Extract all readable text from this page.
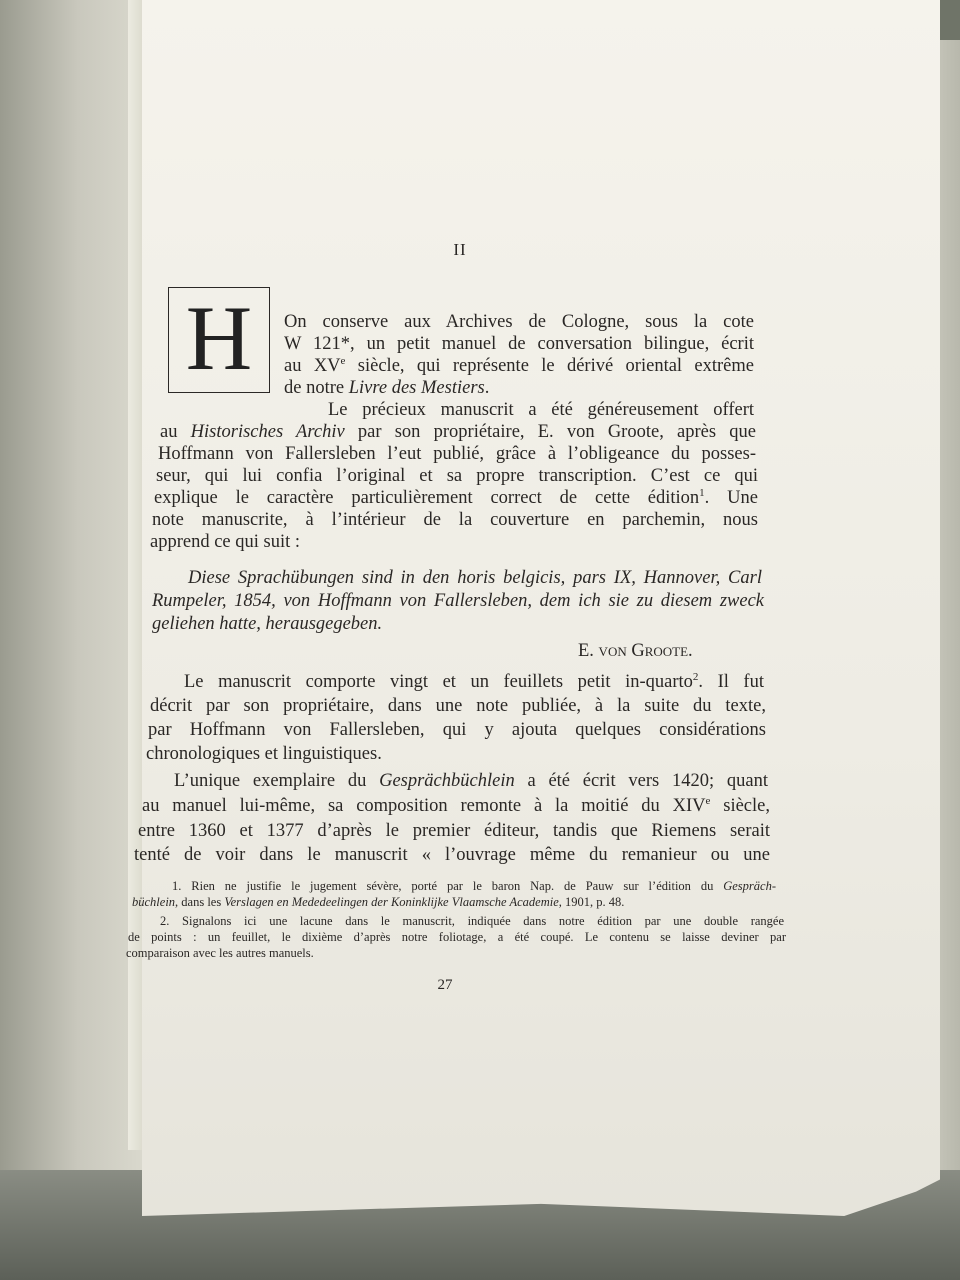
II
H	On conserve aux Archives de Cologne, sous la cote
W 121*, un petit manuel de conversation bilingue, écrit
au XVe siècle, qui représente le dérivé oriental extrême
de notre Livre des Mestiers.
Le précieux manuscrit a été généreusement offert
au Historisches Archiv par son propriétaire, E. von Groote, après que
Hoffmann von Fallersleben l’eut publié, grâce à l’obligeance du posses-
seur, qui lui confia l’original et sa propre transcription. C’est ce qui
explique le caractère particulièrement correct de cette édition$^1$. Une
note manuscrite, à l’intérieur de la couverture en parchemin, nous
apprend ce qui suit :
Diese Sprachübungen sind in den horis belgicis, pars IX, Hannover, Carl
Rumpeler, 1854, von Hoffmann von Fallersleben, dem ich sie zu diesem zweck
geliehen hatte, herausgegeben.
E. von Groote.
Le manuscrit comporte vingt et un feuillets petit in-quarto$^2$. Il fut
décrit par son propriétaire, dans une note publiée, à la suite du texte,
par Hoffmann von Fallersleben, qui y ajouta quelques considérations
chronologiques et linguistiques.
L’unique exemplaire du Gesprächbüchlein a été écrit vers 1420; quant
au manuel lui-même, sa composition remonte à la moitié du XIVe siècle,
entre 1360 et 1377 d’après le premier éditeur, tandis que Riemens serait
tenté de voir dans le manuscrit « l’ouvrage même du remanieur ou une
1. Rien ne justifie le jugement sévère, porté par le baron Nap. de Pauw sur l’édition du Gespräch-
büchlein, dans les Verslagen en Mededeelingen der Koninklijke Vlaamsche Academie, 1901, p. 48.
2. Signalons ici une lacune dans le manuscrit, indiquée dans notre édition par une double rangée
de points : un feuillet, le dixième d’après notre foliotage, a été coupé. Le contenu se laisse deviner par
comparaison avec les autres manuels.
27
